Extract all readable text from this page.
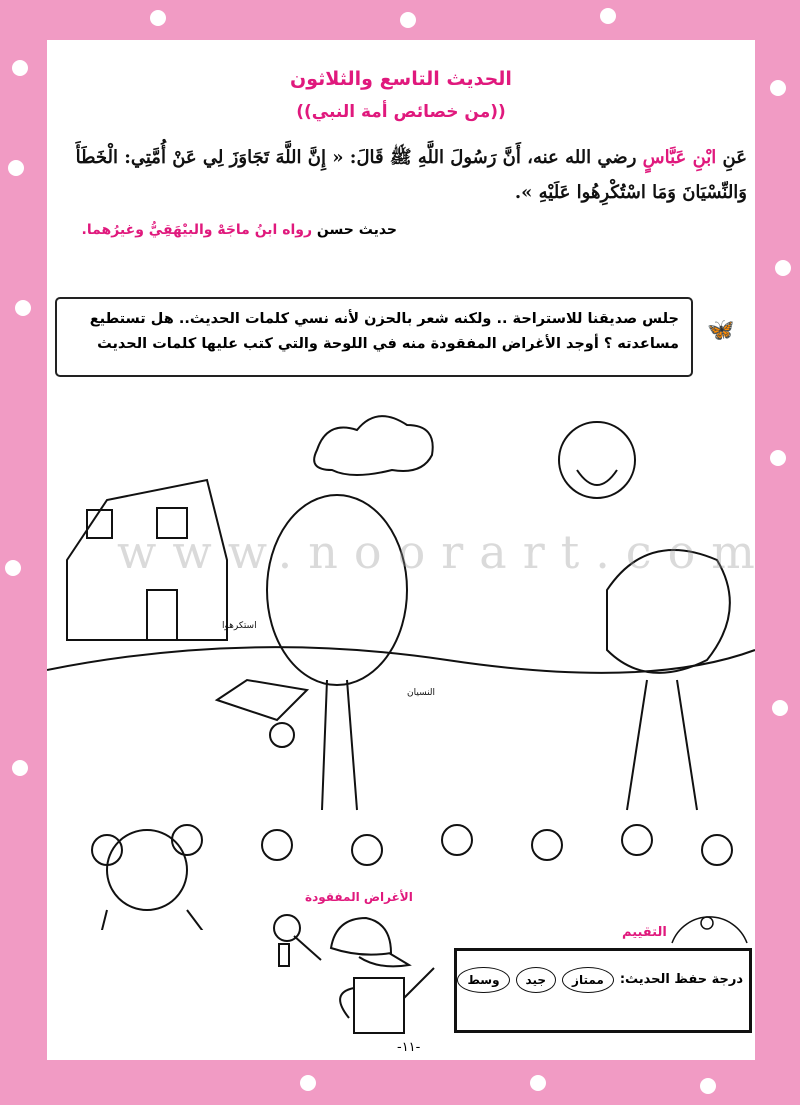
الحديث التاسع والثلاثون
((من خصائص أمة النبي))
عَنِ ابْنِ عَبَّاسٍ رضي الله عنه، أَنَّ رَسُولَ اللَّهِ ﷺ قَالَ: « إِنَّ اللَّهَ تَجَاوَزَ لِي عَنْ أُمَّتِي: الْخَطَأَ وَالنِّسْيَانَ وَمَا اسْتُكْرِهُوا عَلَيْهِ ».
حديث حسن رواه ابنُ ماجَهْ والبيْهَقِيُّ وغيرُهما.
جلس صديقنا للاستراحة .. ولكنه شعر بالحزن لأنه نسي كلمات الحديث.. هل تستطيع مساعدته ؟ أوجد الأغراض المفقودة منه في اللوحة والتي كتب عليها كلمات الحديث
🦋
استكرهوا
النسيان
www.noorart.com
الأغراض المفقودة
التقييم
درجة حفظ الحديث:
ممتاز
جيد
وسط
-١١-
